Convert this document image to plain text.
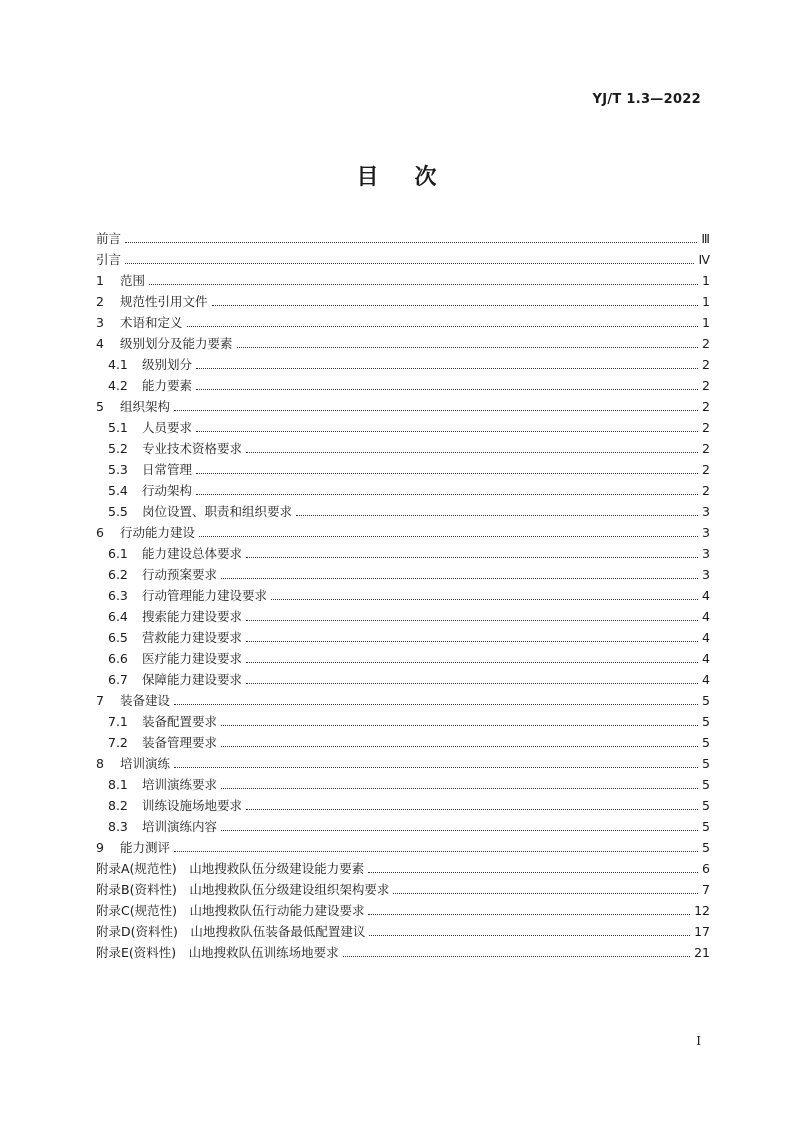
YJ/T 1.3—2022
目次
前言	Ⅲ
引言	Ⅳ
1	范围	1
2	规范性引用文件	1
3	术语和定义	1
4	级别划分及能力要素	2
4.1	级别划分	2
4.2	能力要素	2
5	组织架构	2
5.1	人员要求	2
5.2	专业技术资格要求	2
5.3	日常管理	2
5.4	行动架构	2
5.5	岗位设置、职责和组织要求	3
6	行动能力建设	3
6.1	能力建设总体要求	3
6.2	行动预案要求	3
6.3	行动管理能力建设要求	4
6.4	搜索能力建设要求	4
6.5	营救能力建设要求	4
6.6	医疗能力建设要求	4
6.7	保障能力建设要求	4
7	装备建设	5
7.1	装备配置要求	5
7.2	装备管理要求	5
8	培训演练	5
8.1	培训演练要求	5
8.2	训练设施场地要求	5
8.3	培训演练内容	5
9	能力测评	5
附录A(规范性)　山地搜救队伍分级建设能力要素	6
附录B(资料性)　山地搜救队伍分级建设组织架构要求	7
附录C(规范性)　山地搜救队伍行动能力建设要求	12
附录D(资料性)　山地搜救队伍装备最低配置建议	17
附录E(资料性)　山地搜救队伍训练场地要求	21
I
